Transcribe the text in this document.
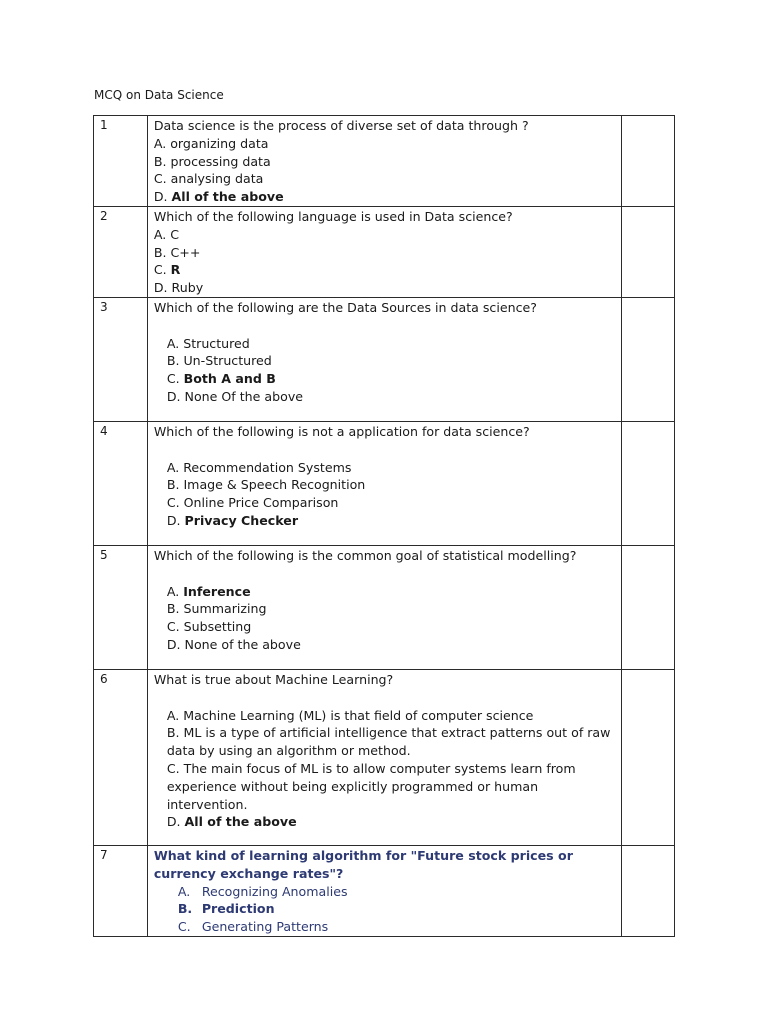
MCQ on Data Science
1	Data science is the process of diverse set of data through ?
A. organizing data
B. processing data
C. analysing data
D. All of the above	

2	Which of the following language is used in Data science?
A. C
B. C++
C. R
D. Ruby	

3	Which of the following are the Data Sources in data science?
A. Structured
B. Un-Structured
C. Both A and B
D. None Of the above	

4	Which of the following is not a application for data science?
A. Recommendation Systems
B. Image & Speech Recognition
C. Online Price Comparison
D. Privacy Checker	

5	Which of the following is the common goal of statistical modelling?
A. Inference
B. Summarizing
C. Subsetting
D. None of the above	

6	What is true about Machine Learning?
A. Machine Learning (ML) is that field of computer science
B. ML is a type of artificial intelligence that extract patterns out of raw data by using an algorithm or method.
C. The main focus of ML is to allow computer systems learn from experience without being explicitly programmed or human intervention.
D. All of the above	

7	What kind of learning algorithm for "Future stock prices or currency exchange rates"?
A. Recognizing Anomalies
B. Prediction
C. Generating Patterns	
